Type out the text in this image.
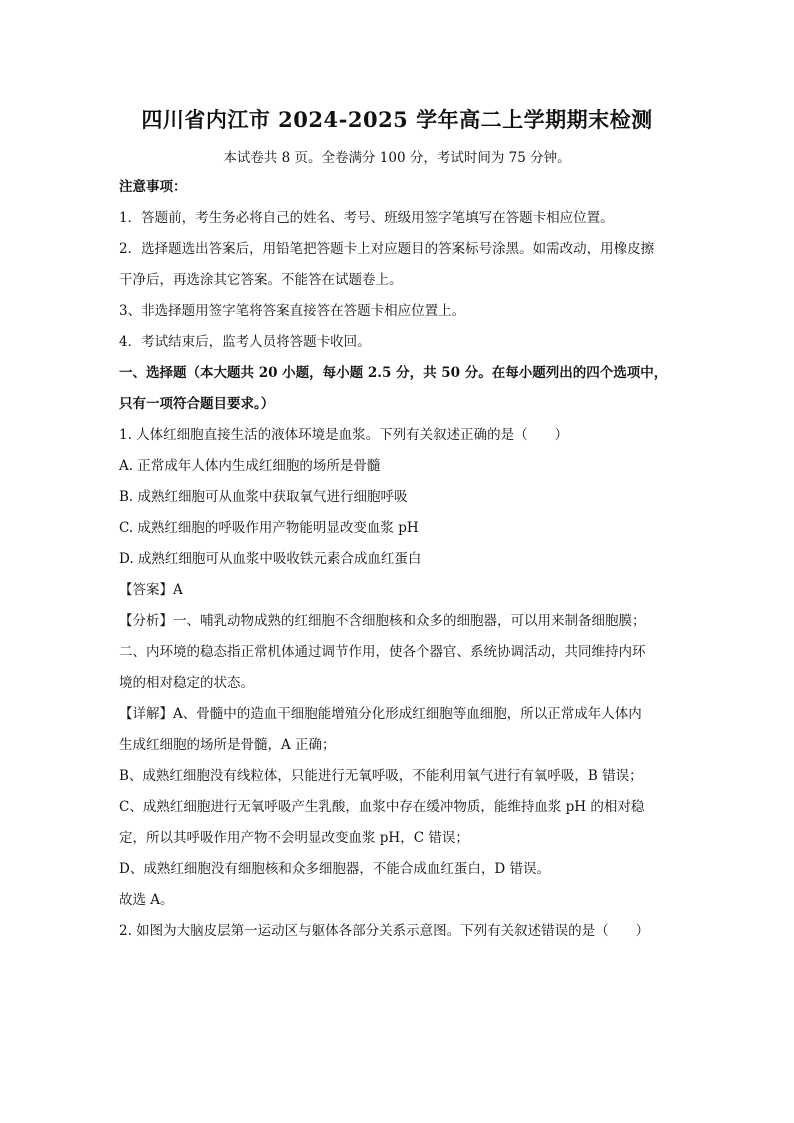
四川省内江市 2024-2025 学年高二上学期期末检测
本试卷共 8 页。全卷满分 100 分，考试时间为 75 分钟。
注意事项：
1．答题前，考生务必将自己的姓名、考号、班级用签字笔填写在答题卡相应位置。
2．选择题选出答案后，用铅笔把答题卡上对应题目的答案标号涂黑。如需改动，用橡皮擦
干净后，再选涂其它答案。不能答在试题卷上。
3、非选择题用签字笔将答案直接答在答题卡相应位置上。
4．考试结束后，监考人员将答题卡收回。
一、选择题（本大题共 20 小题，每小题 2.5 分，共 50 分。在每小题列出的四个选项中，
只有一项符合题目要求。）
1. 人体红细胞直接生活的液体环境是血浆。下列有关叙述正确的是（　　）
A. 正常成年人体内生成红细胞的场所是骨髓
B. 成熟红细胞可从血浆中获取氧气进行细胞呼吸
C. 成熟红细胞的呼吸作用产物能明显改变血浆 pH
D. 成熟红细胞可从血浆中吸收铁元素合成血红蛋白
【答案】A
【分析】一、哺乳动物成熟的红细胞不含细胞核和众多的细胞器，可以用来制备细胞膜；
二、内环境的稳态指正常机体通过调节作用，使各个器官、系统协调活动，共同维持内环
境的相对稳定的状态。
【详解】A、骨髓中的造血干细胞能增殖分化形成红细胞等血细胞，所以正常成年人体内
生成红细胞的场所是骨髓，A 正确；
B、成熟红细胞没有线粒体，只能进行无氧呼吸，不能利用氧气进行有氧呼吸，B 错误；
C、成熟红细胞进行无氧呼吸产生乳酸，血浆中存在缓冲物质，能维持血浆 pH 的相对稳
定，所以其呼吸作用产物不会明显改变血浆 pH，C 错误；
D、成熟红细胞没有细胞核和众多细胞器，不能合成血红蛋白，D 错误。
故选 A。
2. 如图为大脑皮层第一运动区与躯体各部分关系示意图。下列有关叙述错误的是（　　）
